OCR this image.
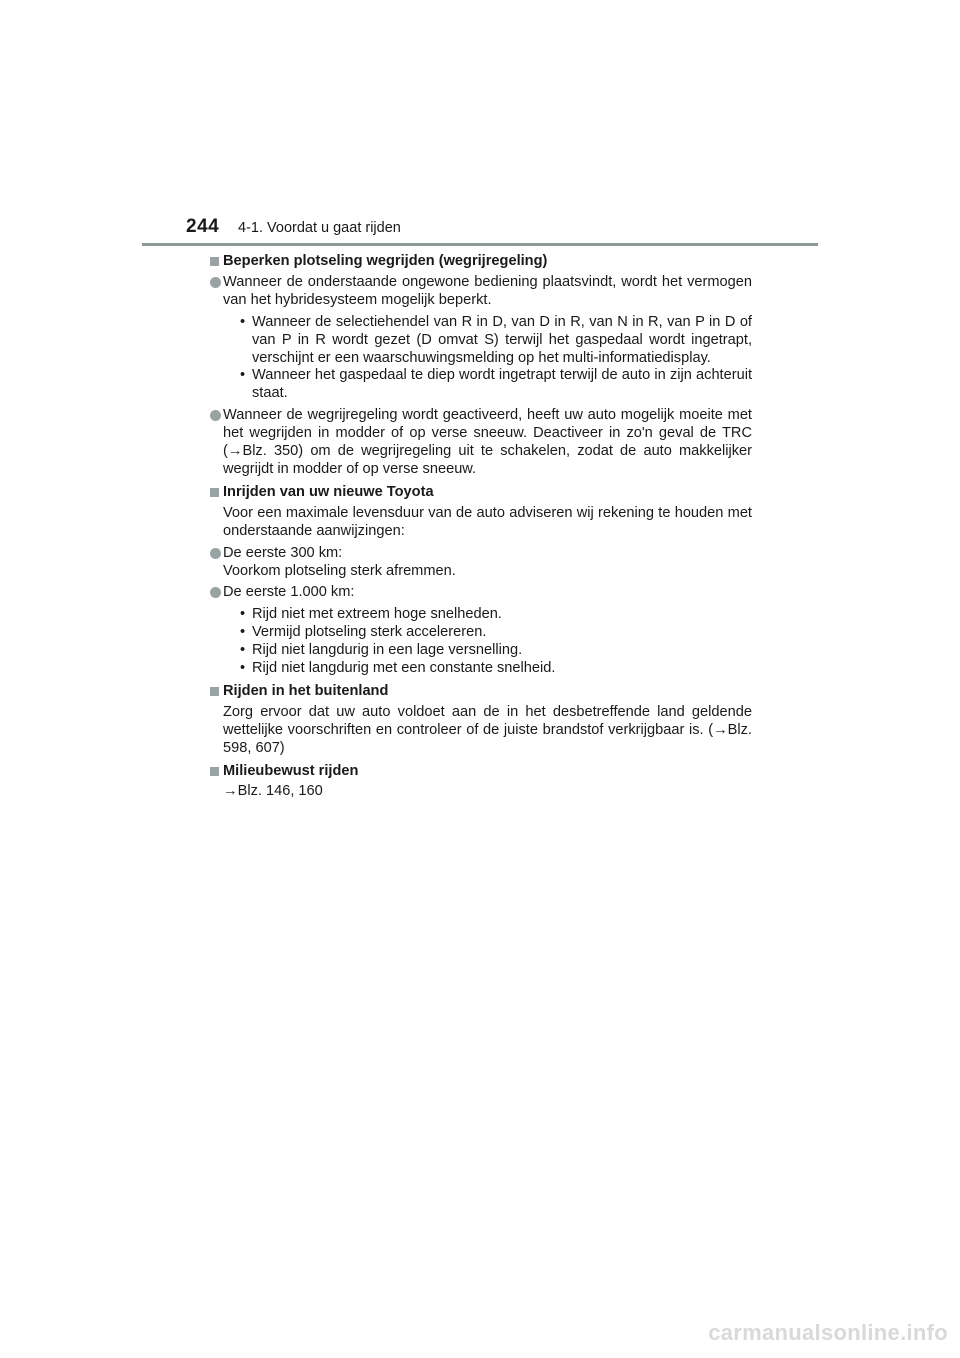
244 4-1. Voordat u gaat rijden
Beperken plotseling wegrijden (wegrijregeling)
Wanneer de onderstaande ongewone bediening plaatsvindt, wordt het vermogen van het hybridesysteem mogelijk beperkt.
• Wanneer de selectiehendel van R in D, van D in R, van N in R, van P in D of van P in R wordt gezet (D omvat S) terwijl het gaspedaal wordt ingetrapt, verschijnt er een waarschuwingsmelding op het multi-informatiedisplay.
• Wanneer het gaspedaal te diep wordt ingetrapt terwijl de auto in zijn achteruit staat.
Wanneer de wegrijregeling wordt geactiveerd, heeft uw auto mogelijk moeite met het wegrijden in modder of op verse sneeuw. Deactiveer in zo'n geval de TRC (→Blz. 350) om de wegrijregeling uit te schakelen, zodat de auto makkelijker wegrijdt in modder of op verse sneeuw.
Inrijden van uw nieuwe Toyota
Voor een maximale levensduur van de auto adviseren wij rekening te houden met onderstaande aanwijzingen:
De eerste 300 km:
Voorkom plotseling sterk afremmen.
De eerste 1.000 km:
• Rijd niet met extreem hoge snelheden.
• Vermijd plotseling sterk accelereren.
• Rijd niet langdurig in een lage versnelling.
• Rijd niet langdurig met een constante snelheid.
Rijden in het buitenland
Zorg ervoor dat uw auto voldoet aan de in het desbetreffende land geldende wettelijke voorschriften en controleer of de juiste brandstof verkrijgbaar is. (→Blz. 598, 607)
Milieubewust rijden
→Blz. 146, 160
carmanualsonline.info
